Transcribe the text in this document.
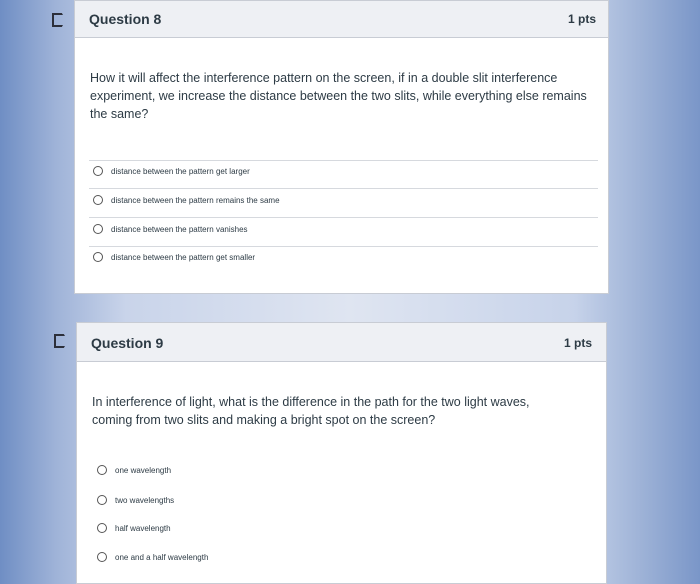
Question 8	1 pts
How it will affect the interference pattern on the screen, if in a double slit interference experiment, we increase the distance between the two slits, while everything else remains the same?
distance between the pattern get larger
distance between the pattern remains the same
distance between the pattern vanishes
distance between the pattern get smaller
Question 9	1 pts
In interference of light, what is the difference in the path for the two light waves, coming from two slits and making a bright spot on the screen?
one wavelength
two wavelengths
half wavelength
one and a half wavelength
